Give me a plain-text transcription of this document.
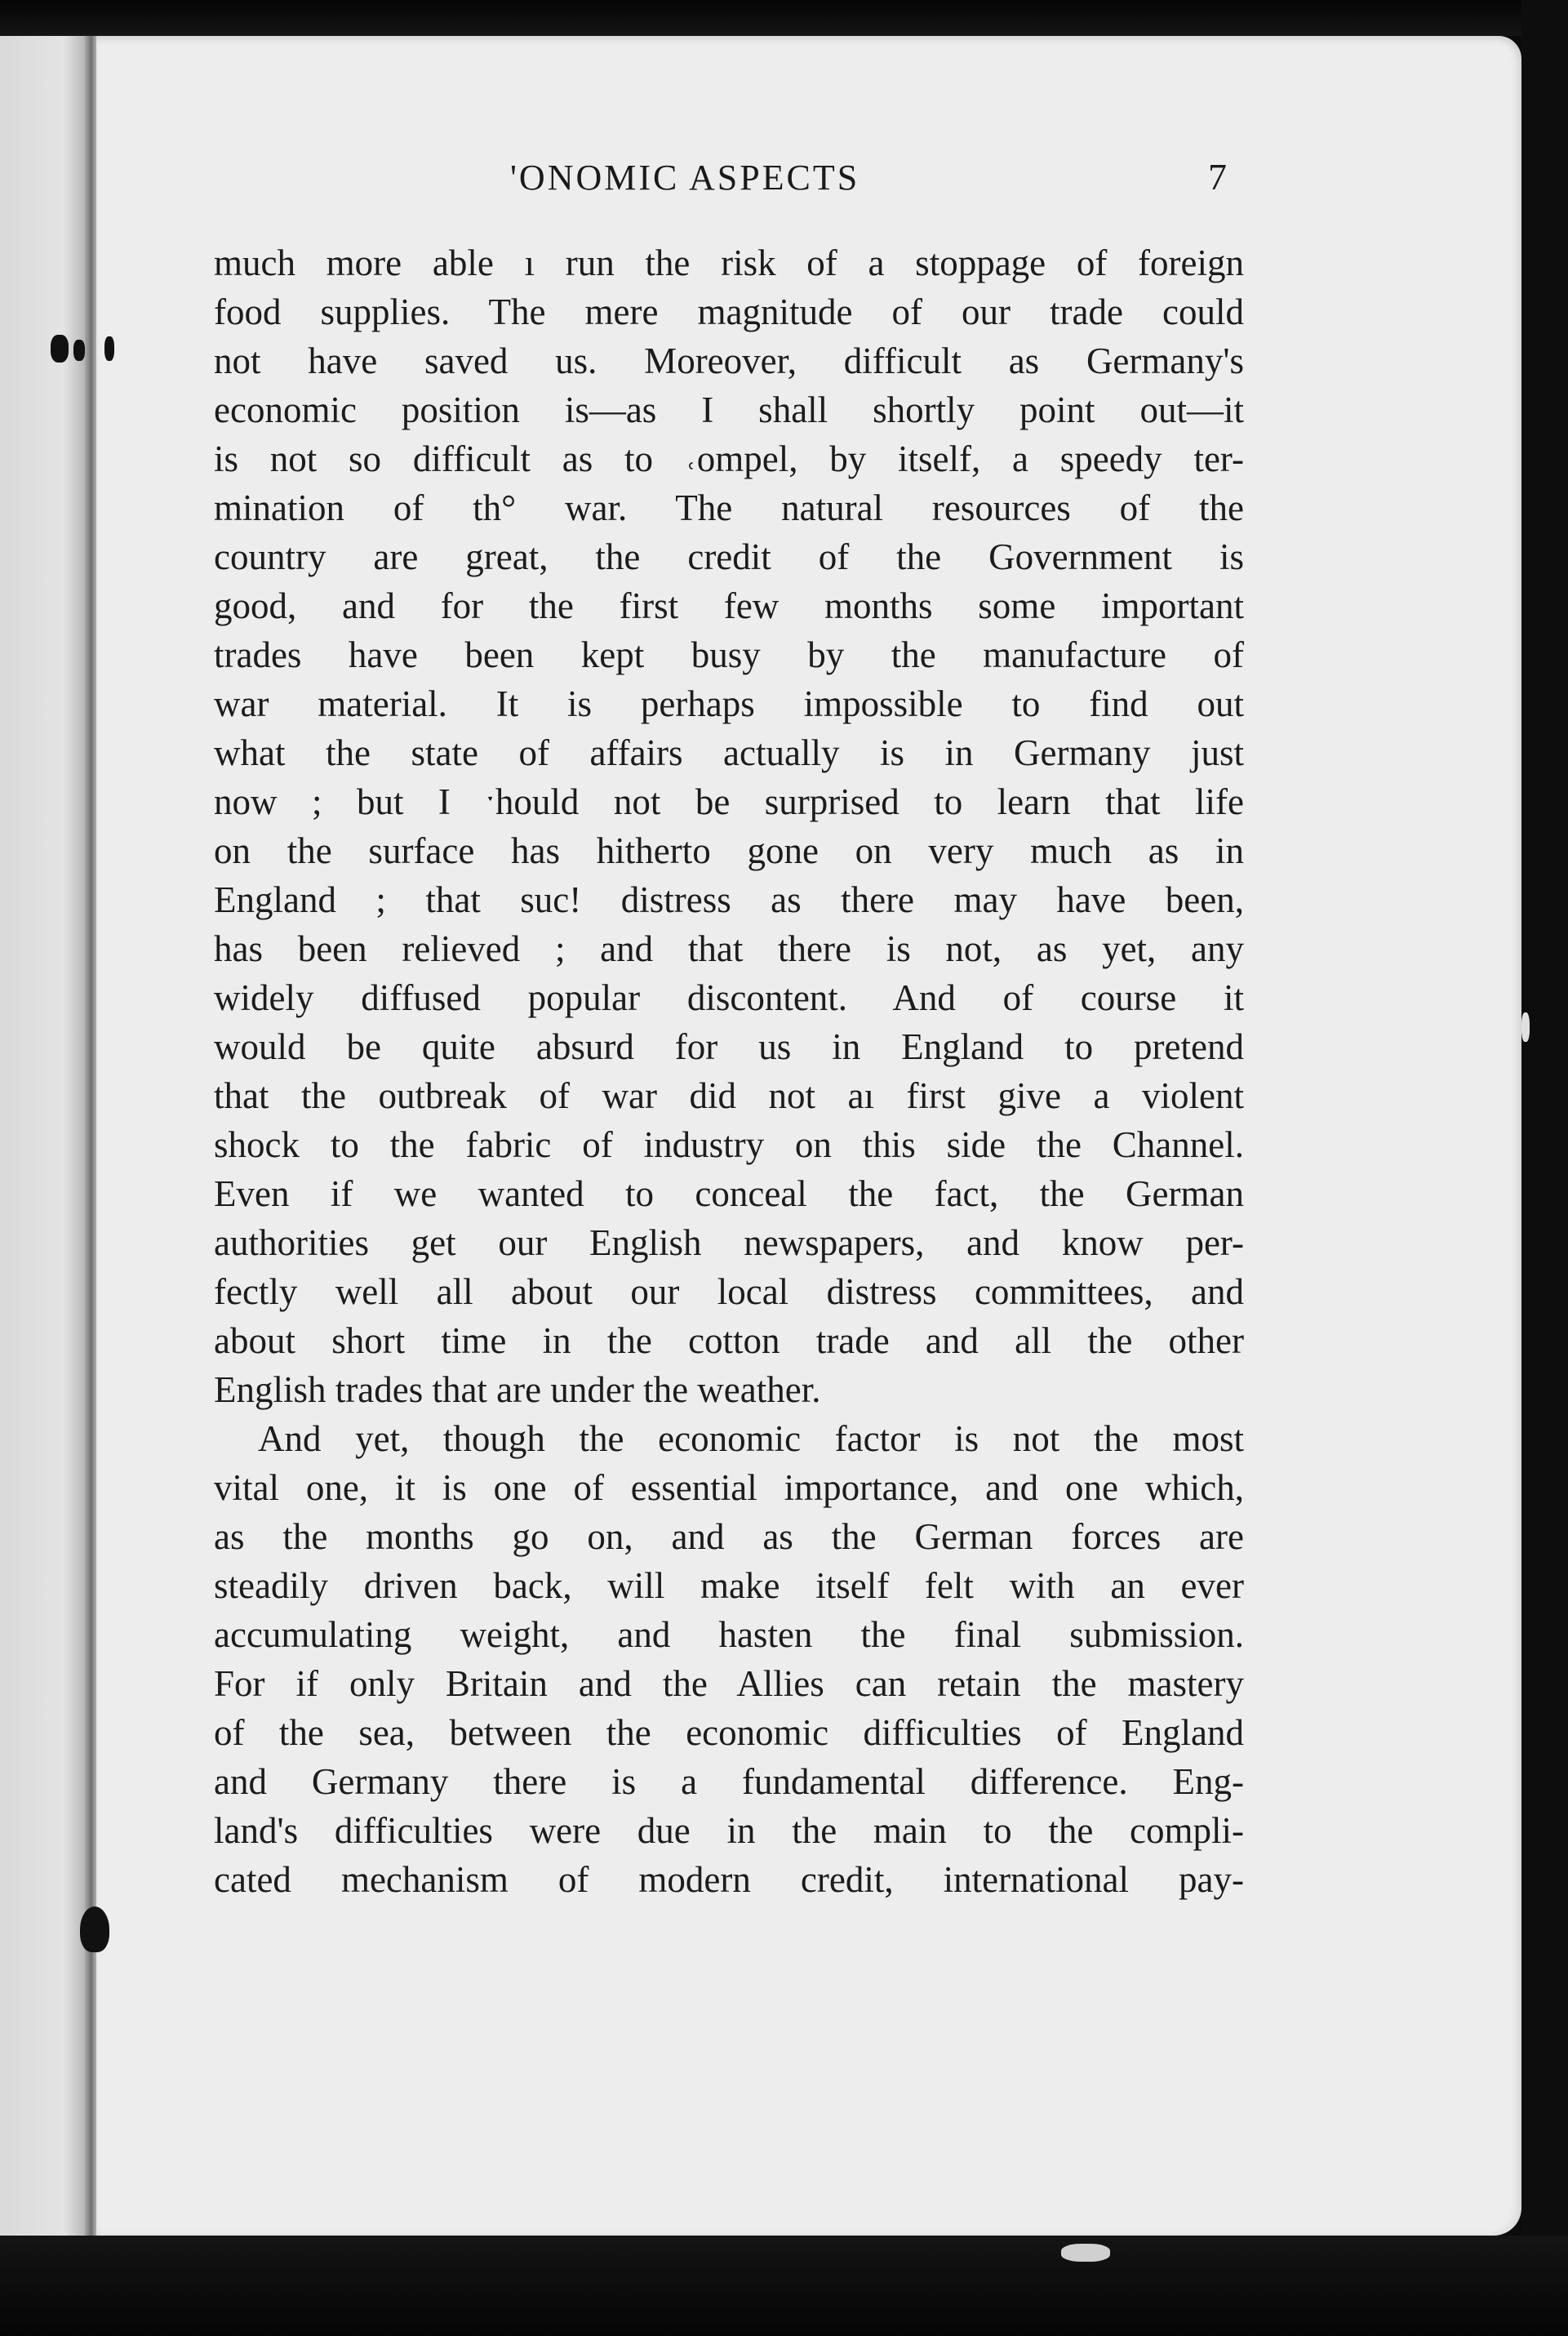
'ONOMIC ASPECTS	7
much more able ı run the risk of a stoppage of foreign
food supplies. The mere magnitude of our trade could
not have saved us. Moreover, difficult as Germany's
economic position is—as I shall shortly point out—it
is not so difficult as to ˓ompel, by itself, a speedy ter-
mination of th° war. The natural resources of the
country are great, the credit of the Government is
good, and for the first few months some important
trades have been kept busy by the manufacture of
war material. It is perhaps impossible to find out
what the state of affairs actually is in Germany just
now ; but I ˑhould not be surprised to learn that life
on the surface has hitherto gone on very much as in
England ; that suc! distress as there may have been,
has been relieved ; and that there is not, as yet, any
widely diffused popular discontent. And of course it
would be quite absurd for us in England to pretend
that the outbreak of war did not aı first give a violent
shock to the fabric of industry on this side the Channel.
Even if we wanted to conceal the fact, the German
authorities get our English newspapers, and know per-
fectly well all about our local distress committees, and
about short time in the cotton trade and all the other
English trades that are under the weather.
And yet, though the economic factor is not the most
vital one, it is one of essential importance, and one which,
as the months go on, and as the German forces are
steadily driven back, will make itself felt with an ever
accumulating weight, and hasten the final submission.
For if only Britain and the Allies can retain the mastery
of the sea, between the economic difficulties of England
and Germany there is a fundamental difference. Eng-
land's difficulties were due in the main to the compli-
cated mechanism of modern credit, international pay-
